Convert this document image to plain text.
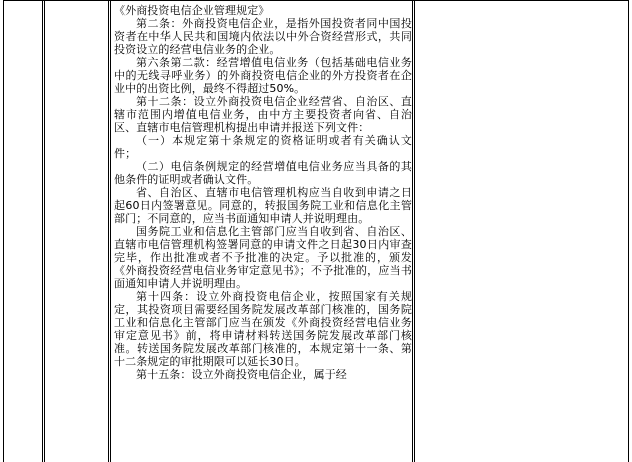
《外商投资电信企业管理规定》

第二条：外商投资电信企业，是指外国投资者同中国投资者在中华人民共和国境内依法以中外合资经营形式，共同投资设立的经营电信业务的企业。

第六条第二款：经营增值电信业务（包括基础电信业务中的无线寻呼业务）的外商投资电信企业的外方投资者在企业中的出资比例，最终不得超过50%。

第十二条：设立外商投资电信企业经营省、自治区、直辖市范围内增值电信业务，由中方主要投资者向省、自治区、直辖市电信管理机构提出申请并报送下列文件：

（一）本规定第十条规定的资格证明或者有关确认文件；

（二）电信条例规定的经营增值电信业务应当具备的其他条件的证明或者确认文件。

省、自治区、直辖市电信管理机构应当自收到申请之日起60日内签署意见。同意的，转报国务院工业和信息化主管部门；不同意的，应当书面通知申请人并说明理由。

国务院工业和信息化主管部门应当自收到省、自治区、直辖市电信管理机构签署同意的申请文件之日起30日内审查完毕，作出批准或者不予批准的决定。予以批准的，颁发《外商投资经营电信业务审定意见书》；不予批准的，应当书面通知申请人并说明理由。

第十四条：设立外商投资电信企业，按照国家有关规定，其投资项目需要经国务院发展改革部门核准的，国务院工业和信息化主管部门应当在颁发《外商投资经营电信业务审定意见书》前，将申请材料转送国务院发展改革部门核准。转送国务院发展改革部门核准的，本规定第十一条、第十二条规定的审批期限可以延长30日。

第十五条：设立外商投资电信企业，属于经
